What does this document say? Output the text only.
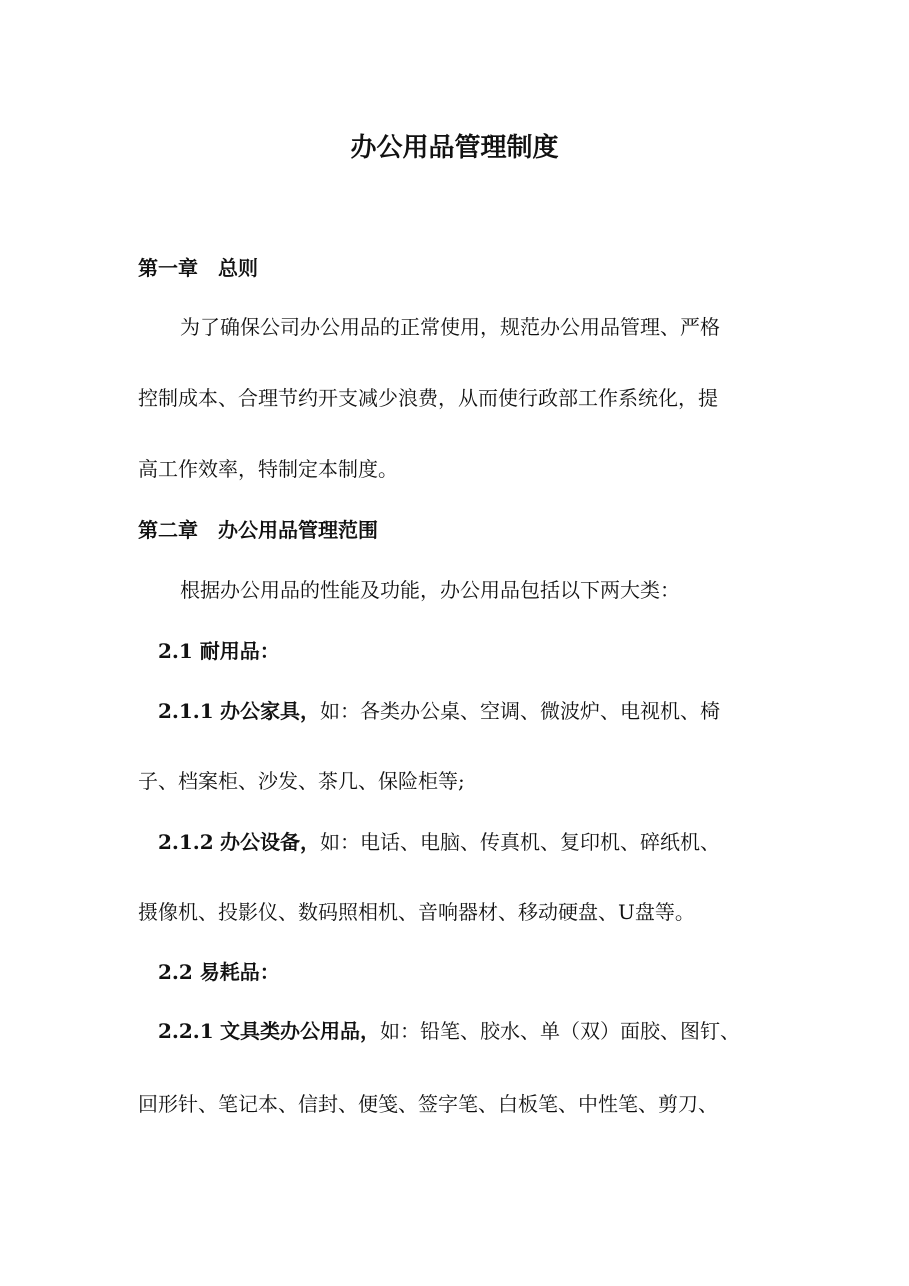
办公用品管理制度
第一章　总则
为了确保公司办公用品的正常使用，规范办公用品管理、严格
控制成本、合理节约开支减少浪费，从而使行政部工作系统化，提
高工作效率，特制定本制度。
第二章　办公用品管理范围
根据办公用品的性能及功能，办公用品包括以下两大类：
2.1 耐用品：
2.1.1 办公家具，如：各类办公桌、空调、微波炉、电视机、椅
子、档案柜、沙发、茶几、保险柜等;
2.1.2 办公设备，如：电话、电脑、传真机、复印机、碎纸机、
摄像机、投影仪、数码照相机、音响器材、移动硬盘、U盘等。
2.2 易耗品：
2.2.1 文具类办公用品，如：铅笔、胶水、单（双）面胶、图钉、
回形针、笔记本、信封、便笺、签字笔、白板笔、中性笔、剪刀、
